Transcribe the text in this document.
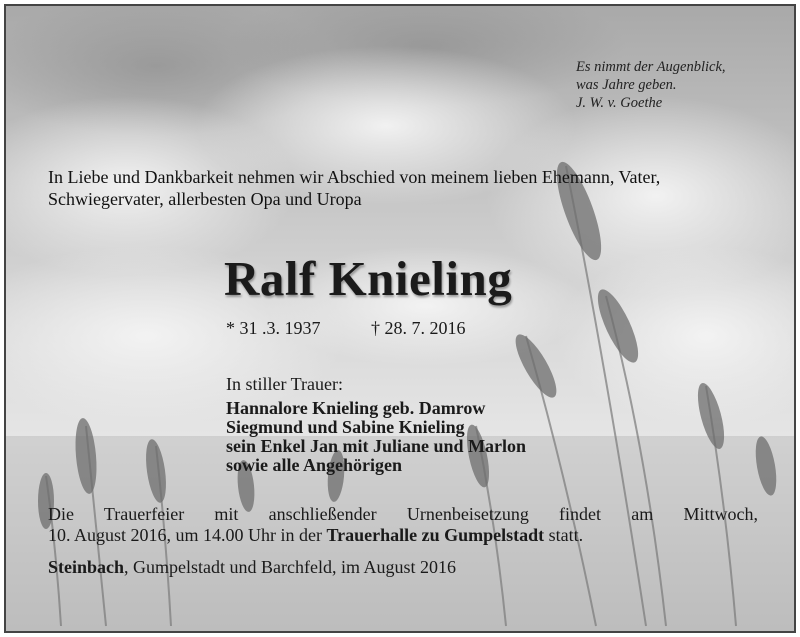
Es nimmt der Augenblick,
was Jahre geben.
J. W. v. Goethe
In Liebe und Dankbarkeit nehmen wir Abschied von meinem lieben Ehemann, Vater, Schwiegervater, allerbesten Opa und Uropa
Ralf Knieling
* 31 .3. 1937	† 28. 7. 2016
In stiller Trauer:
Hannalore Knieling geb. Damrow
Siegmund und Sabine Knieling
sein Enkel Jan mit Juliane und Marlon
sowie alle Angehörigen
Die Trauerfeier mit anschließender Urnenbeisetzung findet am Mittwoch,
10. August 2016, um 14.00 Uhr in der Trauerhalle zu Gumpelstadt statt.
Steinbach, Gumpelstadt und Barchfeld, im August 2016
